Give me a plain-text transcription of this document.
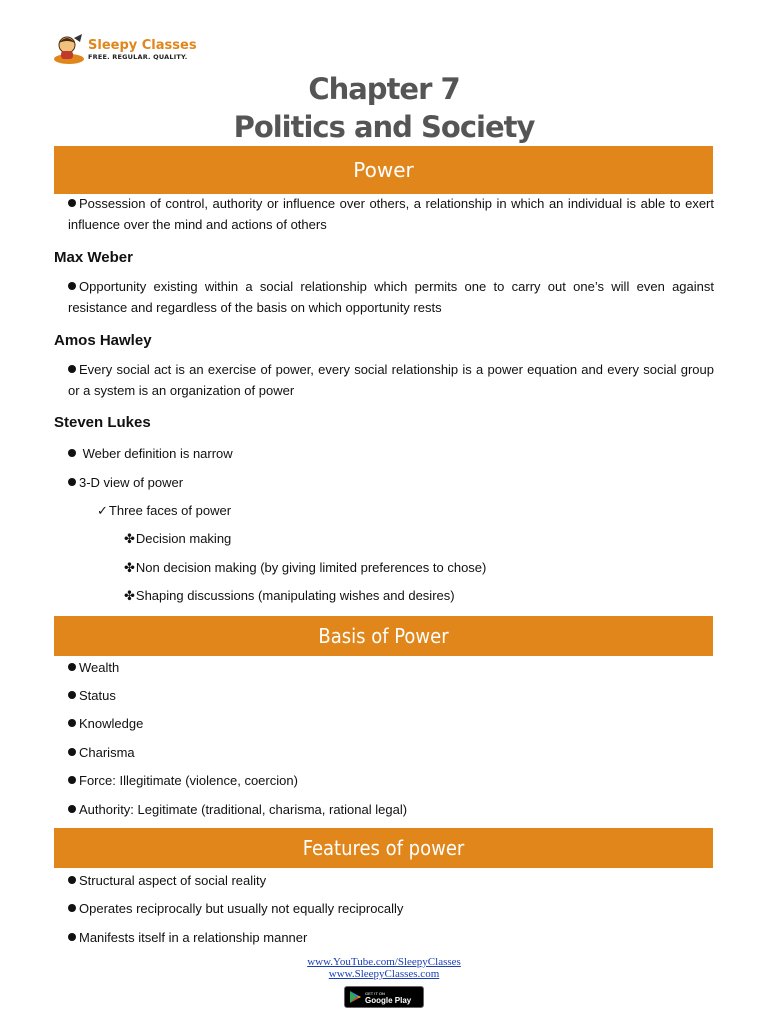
Sleepy Classes
FREE. REGULAR. QUALITY.
Chapter 7
Politics and Society
Power
Possession of control, authority or influence over others, a relationship in which an individual is able to exert influence over the mind and actions of others
Max Weber
Opportunity existing within a social relationship which permits one to carry out one’s will even against resistance and regardless of the basis on which opportunity rests
Amos Hawley
Every social act is an exercise of power, every social relationship is a power equation and every social group or a system is an organization of power
Steven Lukes
Weber definition is narrow
3-D view of power
✓Three faces of power
✤Decision making
✤Non decision making (by giving limited preferences to chose)
✤Shaping discussions (manipulating wishes and desires)
Basis of Power
Wealth
Status
Knowledge
Charisma
Force: Illegitimate (violence, coercion)
Authority: Legitimate (traditional, charisma, rational legal)
Features of power
Structural aspect of social reality
Operates reciprocally but usually not equally reciprocally
Manifests itself in a relationship manner
www.YouTube.com/SleepyClasses
www.SleepyClasses.com
GET IT ON
Google Play
